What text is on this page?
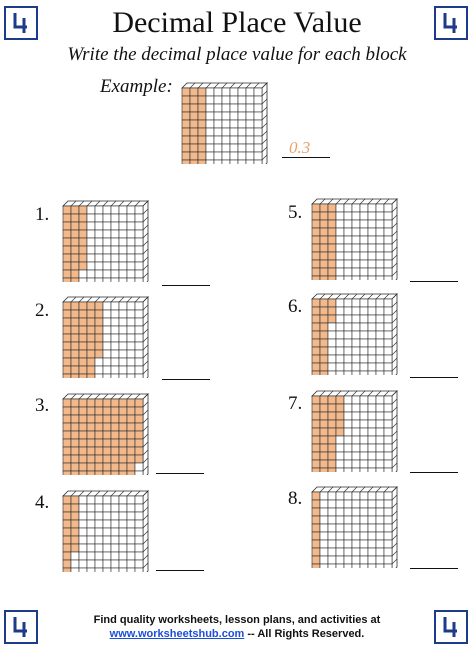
Decimal Place Value
Write the decimal place value for each block
Example:
0.3
1.
2.
3.
4.
5.
6.
7.
8.
Find quality worksheets, lesson plans, and activities at
www.worksheetshub.com -- All Rights Reserved.
